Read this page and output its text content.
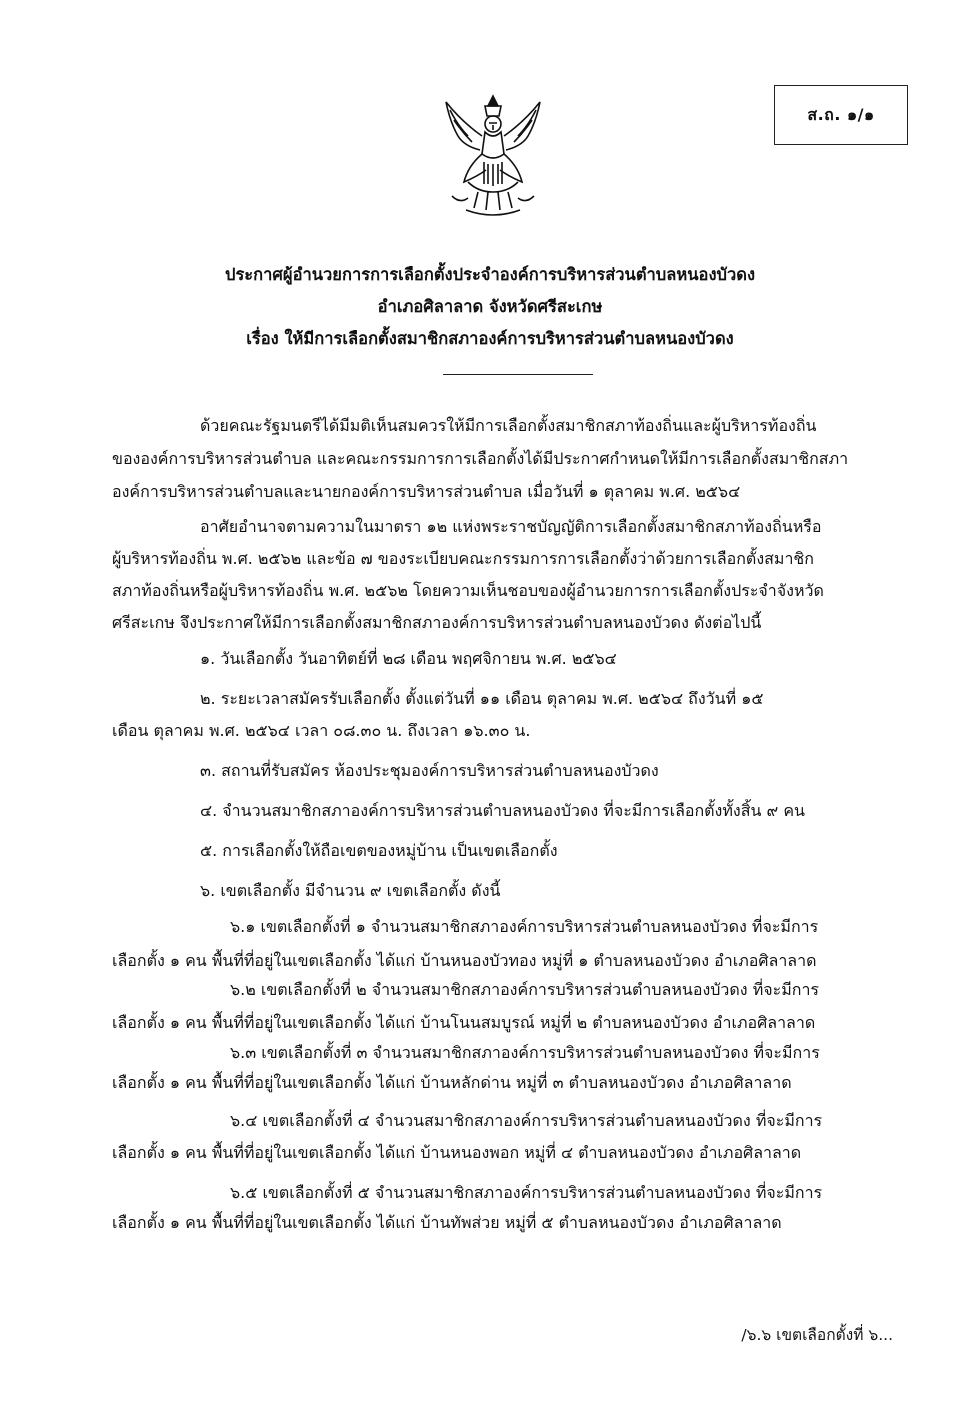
ส.ถ. ๑/๑
ประกาศผู้อำนวยการการเลือกตั้งประจำองค์การบริหารส่วนตำบลหนองบัวดง
อำเภอศิลาลาด จังหวัดศรีสะเกษ
เรื่อง ให้มีการเลือกตั้งสมาชิกสภาองค์การบริหารส่วนตำบลหนองบัวดง
ด้วยคณะรัฐมนตรีได้มีมติเห็นสมควรให้มีการเลือกตั้งสมาชิกสภาท้องถิ่นและผู้บริหารท้องถิ่น
ขององค์การบริหารส่วนตำบล และคณะกรรมการการเลือกตั้งได้มีประกาศกำหนดให้มีการเลือกตั้งสมาชิกสภา
องค์การบริหารส่วนตำบลและนายกองค์การบริหารส่วนตำบล เมื่อวันที่ ๑ ตุลาคม พ.ศ. ๒๕๖๔
อาศัยอำนาจตามความในมาตรา ๑๒ แห่งพระราชบัญญัติการเลือกตั้งสมาชิกสภาท้องถิ่นหรือ
ผู้บริหารท้องถิ่น พ.ศ. ๒๕๖๒ และข้อ ๗ ของระเบียบคณะกรรมการการเลือกตั้งว่าด้วยการเลือกตั้งสมาชิก
สภาท้องถิ่นหรือผู้บริหารท้องถิ่น พ.ศ. ๒๕๖๒ โดยความเห็นชอบของผู้อำนวยการการเลือกตั้งประจำจังหวัด
ศรีสะเกษ จึงประกาศให้มีการเลือกตั้งสมาชิกสภาองค์การบริหารส่วนตำบลหนองบัวดง ดังต่อไปนี้
๑. วันเลือกตั้ง วันอาทิตย์ที่ ๒๘ เดือน พฤศจิกายน พ.ศ. ๒๕๖๔
๒. ระยะเวลาสมัครรับเลือกตั้ง ตั้งแต่วันที่ ๑๑ เดือน ตุลาคม พ.ศ. ๒๕๖๔ ถึงวันที่ ๑๕
เดือน ตุลาคม พ.ศ. ๒๕๖๔ เวลา ๐๘.๓๐ น. ถึงเวลา ๑๖.๓๐ น.
๓. สถานที่รับสมัคร ห้องประชุมองค์การบริหารส่วนตำบลหนองบัวดง
๔. จำนวนสมาชิกสภาองค์การบริหารส่วนตำบลหนองบัวดง ที่จะมีการเลือกตั้งทั้งสิ้น ๙ คน
๕. การเลือกตั้งให้ถือเขตของหมู่บ้าน เป็นเขตเลือกตั้ง
๖. เขตเลือกตั้ง มีจำนวน ๙ เขตเลือกตั้ง ดังนี้
๖.๑ เขตเลือกตั้งที่ ๑ จำนวนสมาชิกสภาองค์การบริหารส่วนตำบลหนองบัวดง ที่จะมีการ
เลือกตั้ง ๑ คน พื้นที่ที่อยู่ในเขตเลือกตั้ง ได้แก่ บ้านหนองบัวทอง หมู่ที่ ๑ ตำบลหนองบัวดง อำเภอศิลาลาด
๖.๒ เขตเลือกตั้งที่ ๒ จำนวนสมาชิกสภาองค์การบริหารส่วนตำบลหนองบัวดง ที่จะมีการ
เลือกตั้ง ๑ คน พื้นที่ที่อยู่ในเขตเลือกตั้ง ได้แก่ บ้านโนนสมบูรณ์ หมู่ที่ ๒ ตำบลหนองบัวดง อำเภอศิลาลาด
๖.๓ เขตเลือกตั้งที่ ๓ จำนวนสมาชิกสภาองค์การบริหารส่วนตำบลหนองบัวดง ที่จะมีการ
เลือกตั้ง ๑ คน พื้นที่ที่อยู่ในเขตเลือกตั้ง ได้แก่ บ้านหลักด่าน หมู่ที่ ๓ ตำบลหนองบัวดง อำเภอศิลาลาด
๖.๔ เขตเลือกตั้งที่ ๔ จำนวนสมาชิกสภาองค์การบริหารส่วนตำบลหนองบัวดง ที่จะมีการ
เลือกตั้ง ๑ คน พื้นที่ที่อยู่ในเขตเลือกตั้ง ได้แก่ บ้านหนองพอก หมู่ที่ ๔ ตำบลหนองบัวดง อำเภอศิลาลาด
๖.๕ เขตเลือกตั้งที่ ๕ จำนวนสมาชิกสภาองค์การบริหารส่วนตำบลหนองบัวดง ที่จะมีการ
เลือกตั้ง ๑ คน พื้นที่ที่อยู่ในเขตเลือกตั้ง ได้แก่ บ้านทัพส่วย หมู่ที่ ๕ ตำบลหนองบัวดง อำเภอศิลาลาด
/๖.๖ เขตเลือกตั้งที่ ๖...
